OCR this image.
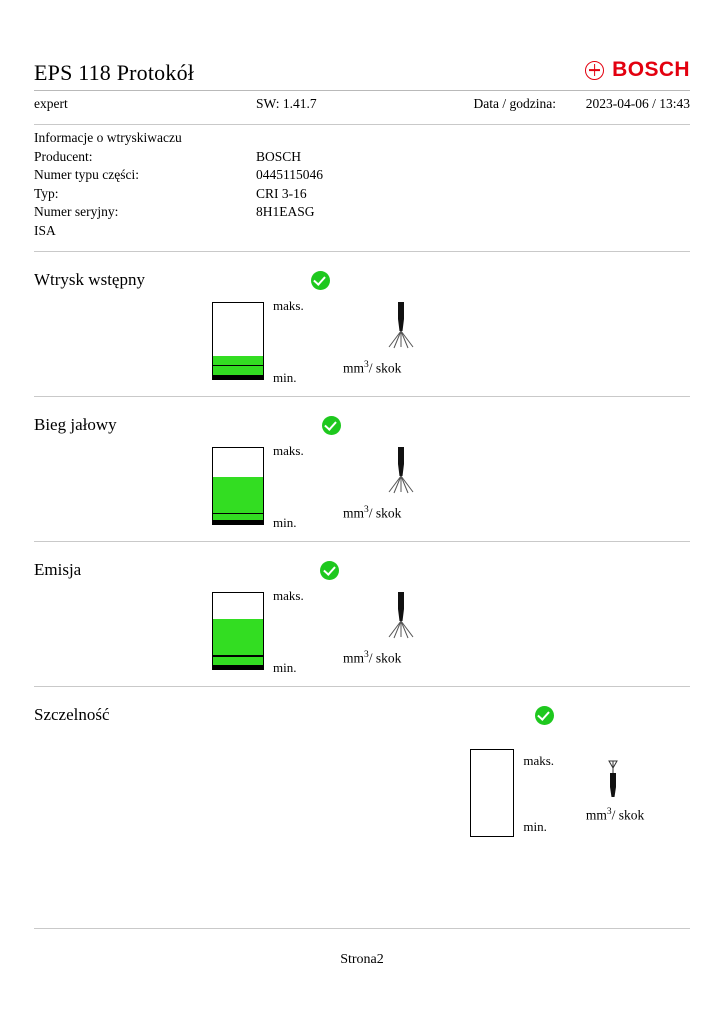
EPS 118 Protokół	BOSCH
expert	SW: 1.41.7	Data / godzina:	2023-04-06 / 13:43
Informacje o wtryskiwaczu
Producent:	BOSCH
Numer typu części:	0445115046
Typ:	CRI 3-16
Numer seryjny:	8H1EASG
ISA
Wtrysk wstępny
maks.
min.
$mm^3/$ skok
Bieg jałowy
maks.
min.
$mm^3/$ skok
Emisja
maks.
min.
$mm^3/$ skok
Szczelność
maks.
min.
$mm^3/$ skok
Strona2
